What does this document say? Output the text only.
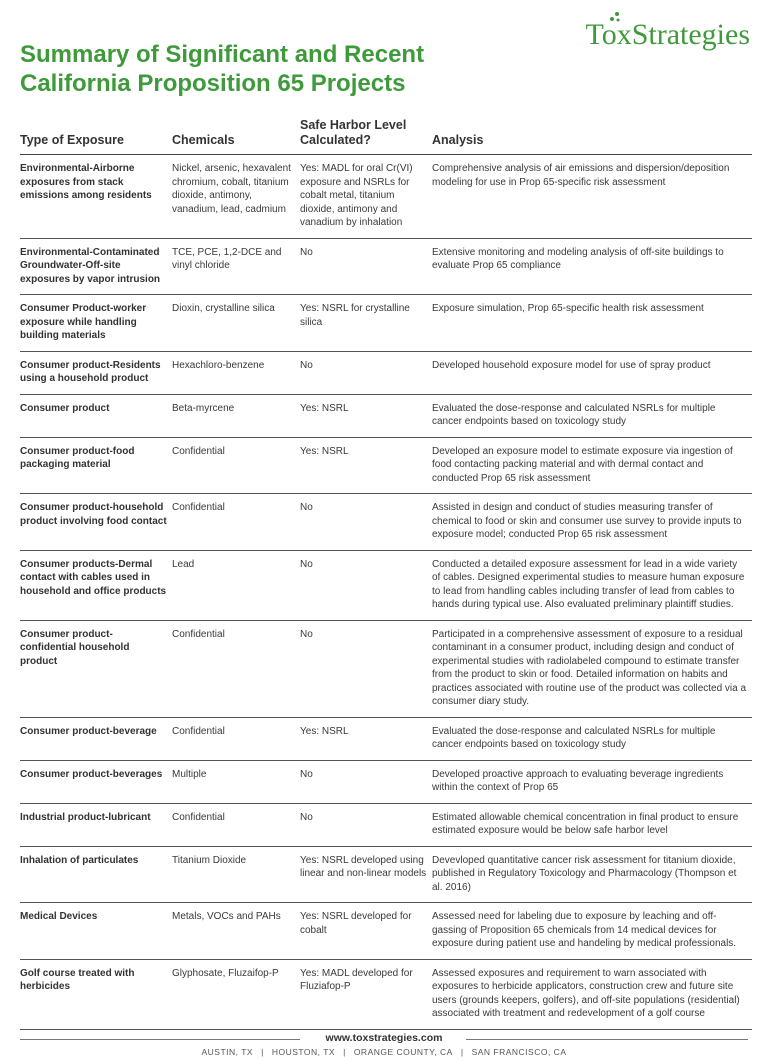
ToxStrategies
Summary of Significant and Recent
California Proposition 65 Projects
Type of Exposure	Chemicals	Safe Harbor Level Calculated?	Analysis
Environmental-Airborne exposures from stack emissions among residents	Nickel, arsenic, hexavalent chromium, cobalt, titanium dioxide, antimony, vanadium, lead, cadmium	Yes: MADL for oral Cr(VI) exposure and NSRLs for cobalt metal, titanium dioxide, antimony and vanadium by inhalation	Comprehensive analysis of air emissions and dispersion/deposition modeling for use in Prop 65-specific risk assessment
Environmental-Contaminated Groundwater-Off-site exposures by vapor intrusion	TCE, PCE, 1,2-DCE and vinyl chloride	No	Extensive monitoring and modeling analysis of off-site buildings to evaluate Prop 65 compliance
Consumer Product-worker exposure while handling building materials	Dioxin, crystalline silica	Yes: NSRL for crystalline silica	Exposure simulation, Prop 65-specific health risk assessment
Consumer product-Residents using a household product	Hexachloro-benzene	No	Developed household exposure model for use of spray product
Consumer product	Beta-myrcene	Yes: NSRL	Evaluated the dose-response and calculated NSRLs for multiple cancer endpoints based on toxicology study
Consumer product-food packaging material	Confidential	Yes: NSRL	Developed an exposure model to estimate exposure via ingestion of food contacting packing material and with dermal contact and conducted Prop 65 risk assessment
Consumer product-household product involving food contact	Confidential	No	Assisted in design and conduct of studies measuring transfer of chemical to food or skin and consumer use survey to provide inputs to exposure model; conducted Prop 65 risk assessment
Consumer products-Dermal contact with cables used in household and office products	Lead	No	Conducted a detailed exposure assessment for lead in a wide variety of cables. Designed experimental studies to measure human exposure to lead from handling cables including transfer of lead from cables to hands during typical use. Also evaluated preliminary plaintiff studies.
Consumer product-confidential household product	Confidential	No	Participated in a comprehensive assessment of exposure to a residual contaminant in a consumer product, including design and conduct of experimental studies with radiolabeled compound to estimate transfer from the product to skin or food. Detailed information on habits and practices associated with routine use of the product was collected via a consumer diary study.
Consumer product-beverage	Confidential	Yes: NSRL	Evaluated the dose-response and calculated NSRLs for multiple cancer endpoints based on toxicology study
Consumer product-beverages	Multiple	No	Developed proactive approach to evaluating beverage ingredients within the context of Prop 65
Industrial product-lubricant	Confidential	No	Estimated allowable chemical concentration in final product to ensure estimated exposure would be below safe harbor level
Inhalation of particulates	Titanium Dioxide	Yes: NSRL developed using linear and non-linear models	Devevloped quantitative cancer risk assessment for titanium dioxide, published in Regulatory Toxicology and Pharmacology (Thompson et al. 2016)
Medical Devices	Metals, VOCs and PAHs	Yes: NSRL developed for cobalt	Assessed need for labeling due to exposure by leaching and off-gassing of Proposition 65 chemicals from 14 medical devices for exposure during patient use and handeling by medical professionals.
Golf course treated with herbicides	Glyphosate, Fluzaifop-P	Yes: MADL developed for Fluziafop-P	Assessed exposures and requirement to warn associated with exposures to herbicide applicators, construction crew and future site users (grounds keepers, golfers), and off-site populations (residential) associated with treatment and redevelopment of a golf course
www.toxstrategies.com
AUSTIN, TX | HOUSTON, TX | ORANGE COUNTY, CA | SAN FRANCISCO, CA
